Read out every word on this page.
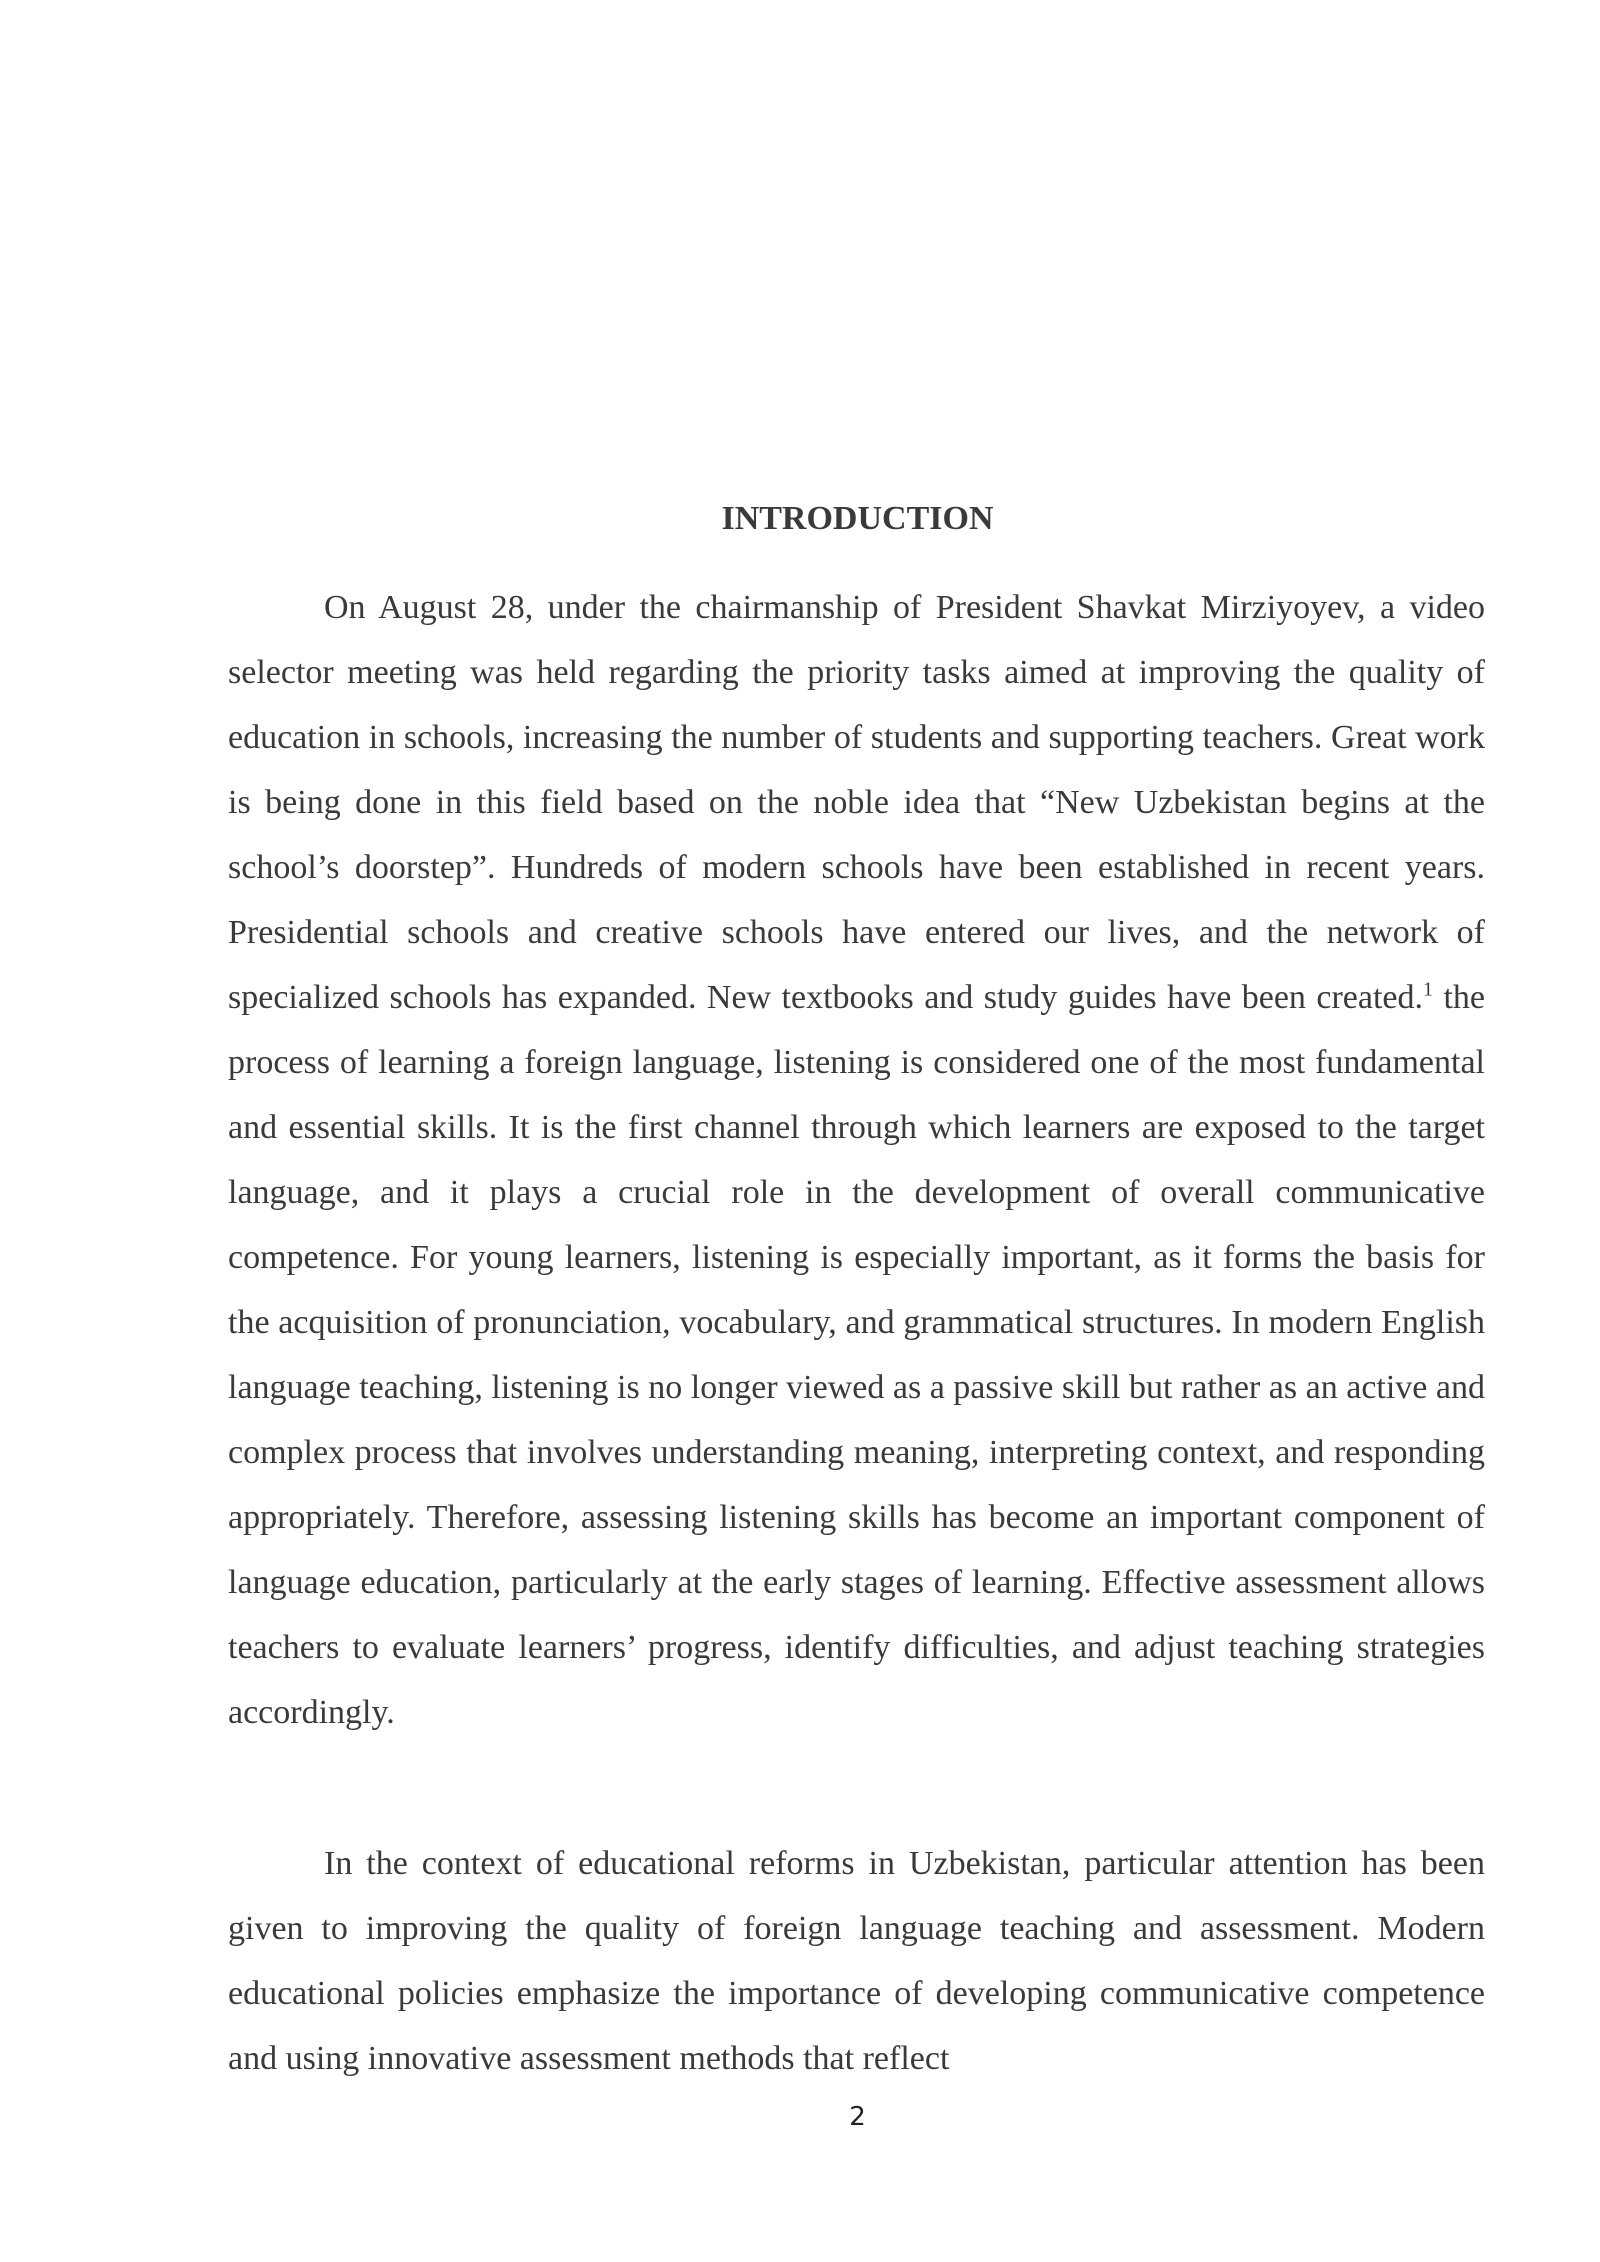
INTRODUCTION

On August 28, under the chairmanship of President Shavkat Mirziyoyev, a video selector meeting was held regarding the priority tasks aimed at improving the quality of education in schools, increasing the number of students and supporting teachers. Great work is being done in this field based on the noble idea that “New Uzbekistan begins at the school’s doorstep”. Hundreds of modern schools have been established in recent years. Presidential schools and creative schools have entered our lives, and the network of specialized schools has expanded. New textbooks and study guides have been created.$^1$ the process of learning a foreign language, listening is considered one of the most fundamental and essential skills. It is the first channel through which learners are exposed to the target language, and it plays a crucial role in the development of overall communicative competence. For young learners, listening is especially important, as it forms the basis for the acquisition of pronunciation, vocabulary, and grammatical structures. In modern English language teaching, listening is no longer viewed as a passive skill but rather as an active and complex process that involves understanding meaning, interpreting context, and responding appropriately. Therefore, assessing listening skills has become an important component of language education, particularly at the early stages of learning. Effective assessment allows teachers to evaluate learners’ progress, identify difficulties, and adjust teaching strategies accordingly.

In the context of educational reforms in Uzbekistan, particular attention has been given to improving the quality of foreign language teaching and assessment. Modern educational policies emphasize the importance of developing communicative competence and using innovative assessment methods that reflect

2
